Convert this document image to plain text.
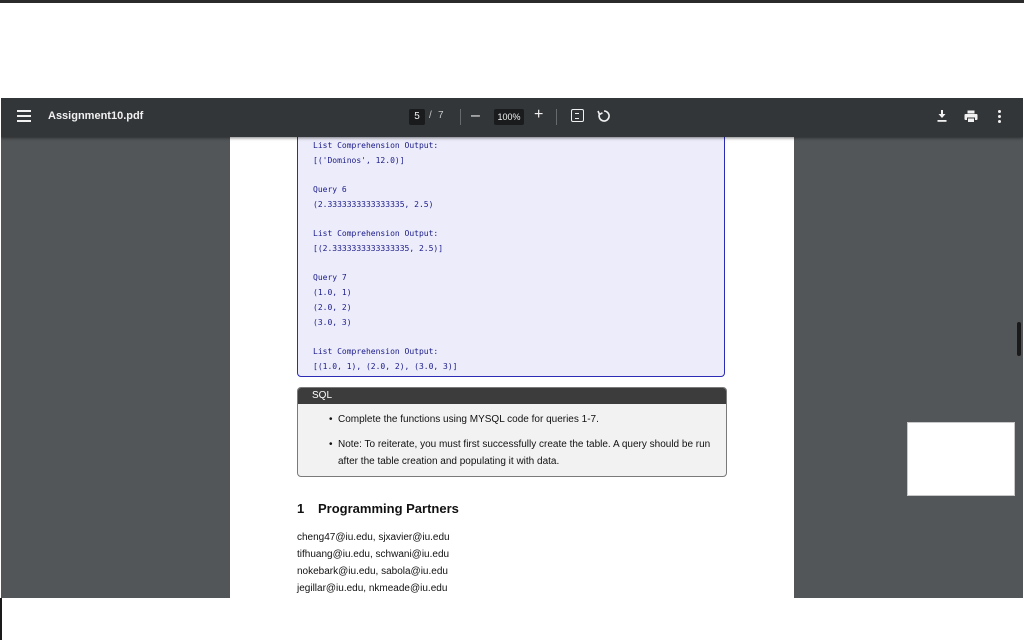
Assignment10.pdf	5 / 7 –	100% +
List Comprehension Output:
[('Dominos', 12.0)]
Query 6
(2.3333333333333335, 2.5)
List Comprehension Output:
[(2.3333333333333335, 2.5)]
Query 7
(1.0, 1)
(2.0, 2)
(3.0, 3)
List Comprehension Output:
[(1.0, 1), (2.0, 2), (3.0, 3)]
SQL
• Complete the functions using MYSQL code for queries 1-7.
• Note: To reiterate, you must first successfully create the table. A query should be run after the table creation and populating it with data.
1 Programming Partners
cheng47@iu.edu, sjxavier@iu.edu
tifhuang@iu.edu, schwani@iu.edu
nokebark@iu.edu, sabola@iu.edu
jegillar@iu.edu, nkmeade@iu.edu
